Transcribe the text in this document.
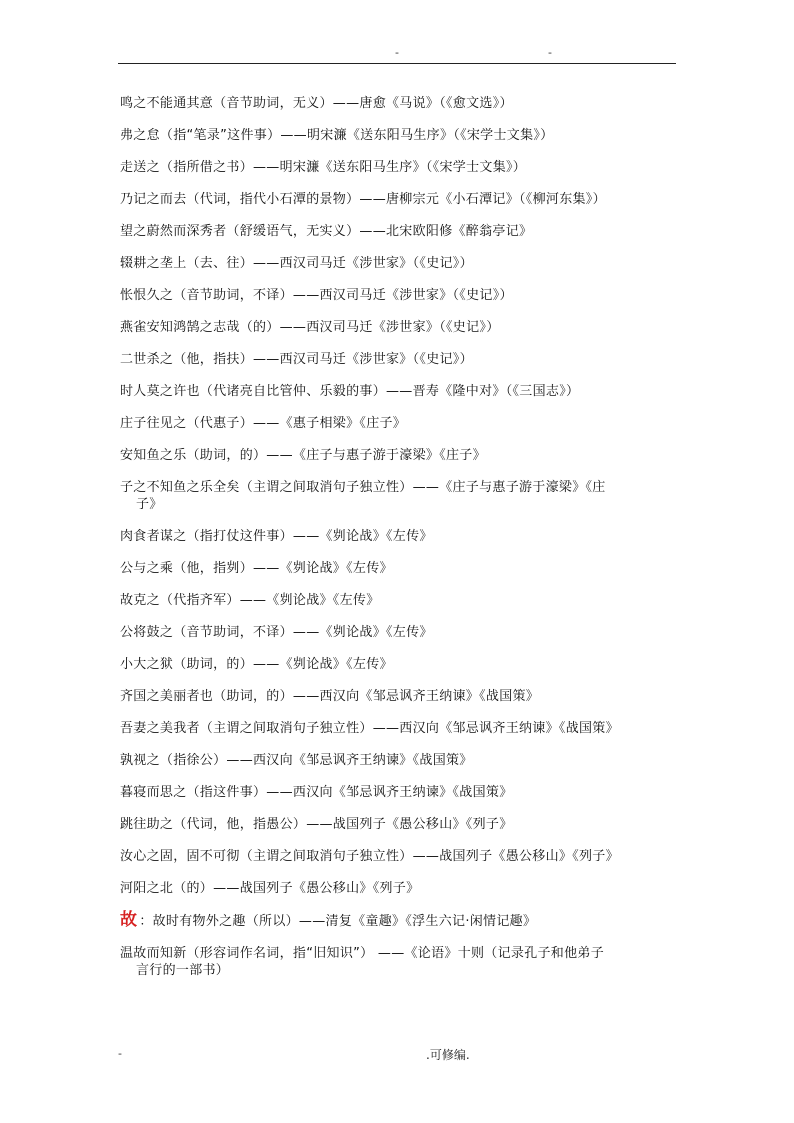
-	-
鸣之不能通其意（音节助词，无义）——唐愈《马说》（《愈文选》）
弗之怠（指“笔录”这件事）——明宋濂《送东阳马生序》（《宋学士文集》）
走送之（指所借之书）——明宋濂《送东阳马生序》（《宋学士文集》）
乃记之而去（代词，指代小石潭的景物）——唐柳宗元《小石潭记》（《柳河东集》）
望之蔚然而深秀者（舒缓语气，无实义）——北宋欧阳修《醉翁亭记》
辍耕之垄上（去、往）——西汉司马迁《涉世家》（《史记》）
怅恨久之（音节助词，不译）——西汉司马迁《涉世家》（《史记》）
燕雀安知鸿鹄之志哉（的）——西汉司马迁《涉世家》（《史记》）
二世杀之（他，指扶）——西汉司马迁《涉世家》（《史记》）
时人莫之许也（代诸亮自比管仲、乐毅的事）——晋寿《隆中对》（《三国志》）
庄子往见之（代惠子）——《惠子相梁》《庄子》
安知鱼之乐（助词，的）——《庄子与惠子游于濠梁》《庄子》
子之不知鱼之乐全矣（主谓之间取消句子独立性）——《庄子与惠子游于濠梁》《庄
子》
肉食者谋之（指打仗这件事）——《刿论战》《左传》
公与之乘（他，指刿）——《刿论战》《左传》
故克之（代指齐军）——《刿论战》《左传》
公将鼓之（音节助词，不译）——《刿论战》《左传》
小大之狱（助词，的）——《刿论战》《左传》
齐国之美丽者也（助词，的）——西汉向《邹忌讽齐王纳谏》《战国策》
吾妻之美我者（主谓之间取消句子独立性）——西汉向《邹忌讽齐王纳谏》《战国策》
孰视之（指徐公）——西汉向《邹忌讽齐王纳谏》《战国策》
暮寝而思之（指这件事）——西汉向《邹忌讽齐王纳谏》《战国策》
跳往助之（代词，他，指愚公）——战国列子《愚公移山》《列子》
汝心之固，固不可彻（主谓之间取消句子独立性）——战国列子《愚公移山》《列子》
河阳之北（的）——战国列子《愚公移山》《列子》
故 ：故时有物外之趣（所以）——清复《童趣》《浮生六记·闲情记趣》
温故而知新（形容词作名词，指“旧知识”） ——《论语》十则（记录孔子和他弟子
言行的一部书）
-	.可修编.
